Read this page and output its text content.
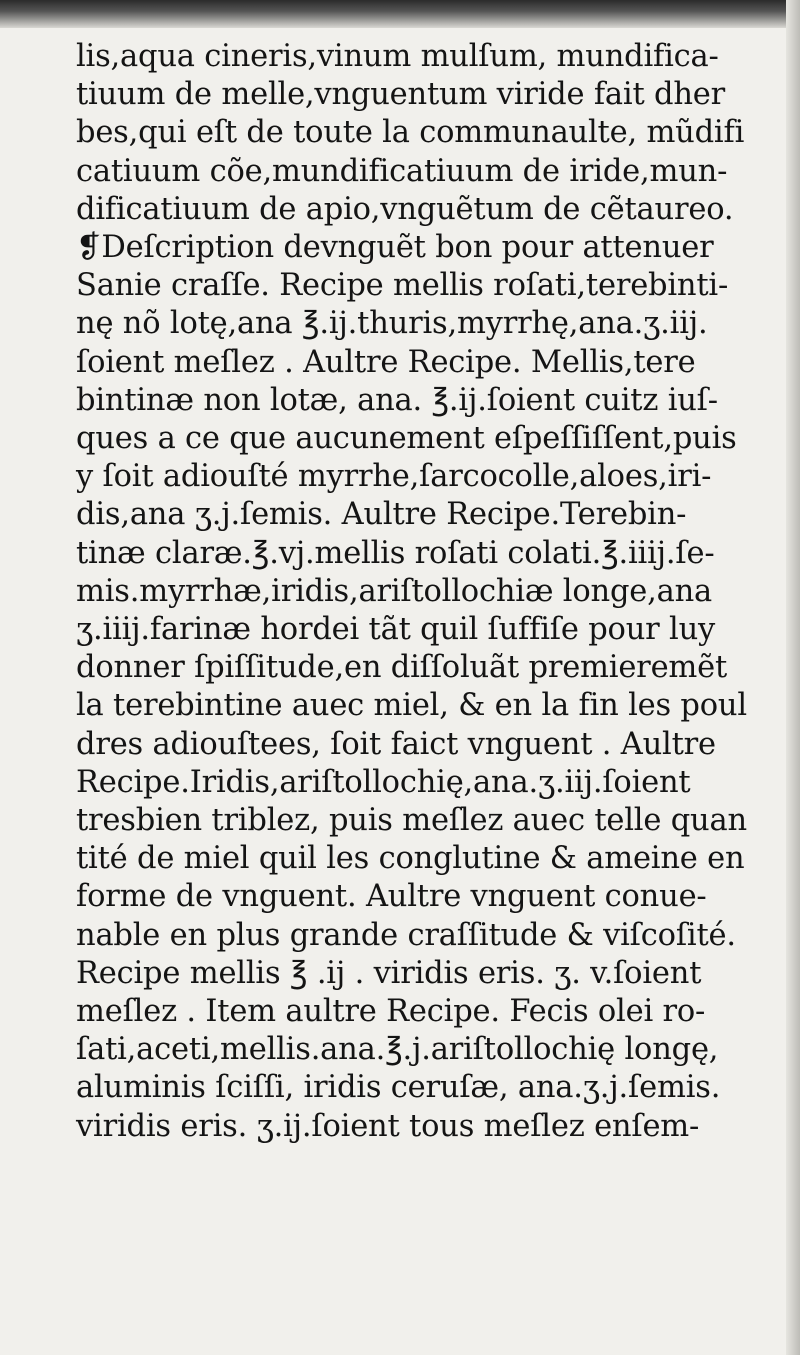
lis,aqua cineris,vinum mulſum, mundifica-
tiuum de melle,vnguentum viride fait dher
bes,qui eſt de toute la communaulte, mũdifi
catiuum cõe,mundificatiuum de iride,mun-
dificatiuum de apio,vnguẽtum de cẽtaureo.
❡Deſcription devnguẽt bon pour attenuer
Sanie craſſe. Recipe mellis roſati,terebinti-
nę nõ lotę,ana ℥.ij.thuris,myrrhę,ana.ʒ.iij.
ſoient meſlez . Aultre Recipe. Mellis,tere
bintinæ non lotæ, ana. ℥.ij.ſoient cuitz iuſ-
ques a ce que aucunement eſpeſſiſſent,puis
y ſoit adiouſté myrrhe,ſarcocolle,aloes,iri-
dis,ana ʒ.j.ſemis. Aultre Recipe.Terebin-
tinæ claræ.℥.vj.mellis roſati colati.℥.iiij.ſe-
mis.myrrhæ,iridis,ariſtollochiæ longe,ana
ʒ.iiij.farinæ hordei tãt quil ſuffiſe pour luy
donner ſpiſſitude,en diſſoluãt premieremẽt
la terebintine auec miel, & en la fin les poul
dres adiouſtees, ſoit faict vnguent . Aultre
Recipe.Iridis,ariſtollochię,ana.ʒ.iij.ſoient
tresbien triblez, puis meſlez auec telle quan
tité de miel quil les conglutine & ameine en
forme de vnguent. Aultre vnguent conue-
nable en plus grande craſſitude & viſcoſité.
Recipe mellis ℥ .ij . viridis eris. ʒ. v.ſoient
meſlez . Item aultre Recipe. Fecis olei ro-
ſati,aceti,mellis.ana.℥.j.ariſtollochię longę,
aluminis ſciſſi, iridis ceruſæ, ana.ʒ.j.ſemis.
viridis eris. ʒ.ij.ſoient tous meſlez enſem-
